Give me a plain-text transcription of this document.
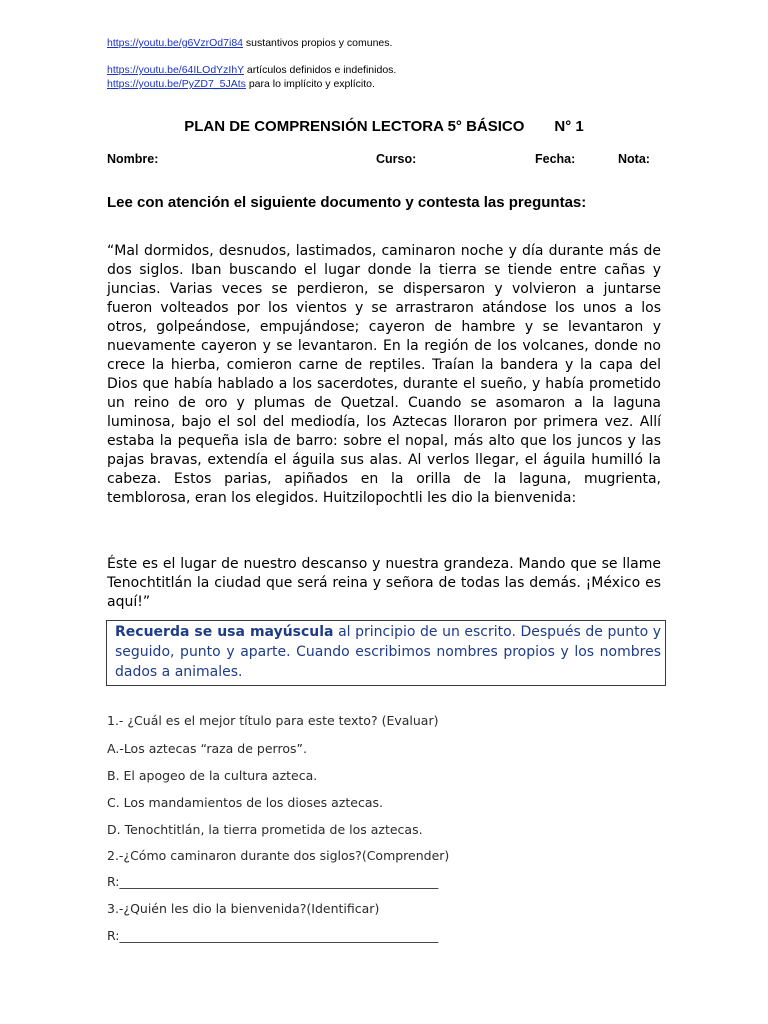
https://youtu.be/g6VzrOd7i84 sustantivos propios y comunes.
https://youtu.be/64ILOdYzIhY artículos definidos e indefinidos.
https://youtu.be/PyZD7_5JAts para lo implícito y explícito.
PLAN DE COMPRENSIÓN LECTORA 5° BÁSICO N° 1
Nombre:	Curso:	Fecha:	Nota:
Lee con atención el siguiente documento y contesta las preguntas:
“Mal dormidos, desnudos, lastimados, caminaron noche y día durante más de dos siglos. Iban buscando el lugar donde la tierra se tiende entre cañas y juncias. Varias veces se perdieron, se dispersaron y volvieron a juntarse fueron volteados por los vientos y se arrastraron atándose los unos a los otros, golpeándose, empujándose; cayeron de hambre y se levantaron y nuevamente cayeron y se levantaron. En la región de los volcanes, donde no crece la hierba, comieron carne de reptiles. Traían la bandera y la capa del Dios que había hablado a los sacerdotes, durante el sueño, y había prometido un reino de oro y plumas de Quetzal. Cuando se asomaron a la laguna luminosa, bajo el sol del mediodía, los Aztecas lloraron por primera vez. Allí estaba la pequeña isla de barro: sobre el nopal, más alto que los juncos y las pajas bravas, extendía el águila sus alas. Al verlos llegar, el águila humilló la cabeza. Estos parias, apiñados en la orilla de la laguna, mugrienta, temblorosa, eran los elegidos. Huitzilopochtli les dio la bienvenida:
Éste es el lugar de nuestro descanso y nuestra grandeza. Mando que se llame Tenochtitlán la ciudad que será reina y señora de todas las demás. ¡México es aquí!”
Recuerda se usa mayúscula al principio de un escrito. Después de punto y seguido, punto y aparte. Cuando escribimos nombres propios y los nombres dados a animales.
1.- ¿Cuál es el mejor título para este texto? (Evaluar)
A.-Los aztecas “raza de perros”.
B. El apogeo de la cultura azteca.
C. Los mandamientos de los dioses aztecas.
D. Tenochtitlán, la tierra prometida de los aztecas.
2.-¿Cómo caminaron durante dos siglos?(Comprender)
R:___________________________________________________
3.-¿Quién les dio la bienvenida?(Identificar)
R:___________________________________________________
